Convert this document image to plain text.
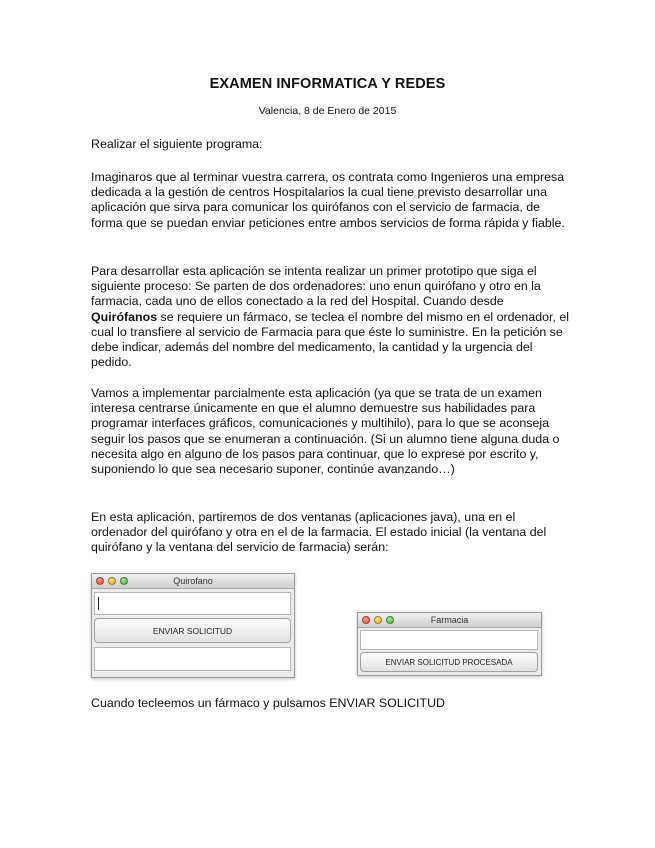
EXAMEN INFORMATICA Y REDES
Valencia, 8 de Enero de 2015

Realizar el siguiente programa:

Imaginaros que al terminar vuestra carrera, os contrata como Ingenieros una empresa dedicada a la gestión de centros Hospitalarios la cual tiene previsto desarrollar una aplicación que sirva para comunicar los quirófanos con el servicio de farmacia, de forma que se puedan enviar peticiones entre ambos servicios de forma rápida y fiable.

Para desarrollar esta aplicación se intenta realizar un primer prototipo que siga el siguiente proceso: Se parten de dos ordenadores: uno enun quirófano y otro en la farmacia, cada uno de ellos conectado a la red del Hospital. Cuando desde Quirófanos se requiere un fármaco, se teclea el nombre del mismo en el ordenador, el cual lo transfiere al servicio de Farmacia para que éste lo suministre. En la petición se debe indicar, además del nombre del medicamento, la cantidad y la urgencia del pedido.

Vamos a implementar parcialmente esta aplicación (ya que se trata de un examen interesa centrarse únicamente en que el alumno demuestre sus habilidades para programar interfaces gráficos, comunicaciones y multihilo), para lo que se aconseja seguir los pasos que se enumeran a continuación. (Si un alumno tiene alguna duda o necesita algo en alguno de los pasos para continuar, que lo exprese por escrito y, suponiendo lo que sea necesario suponer, continúe avanzando…)

En esta aplicación, partiremos de dos ventanas (aplicaciones java), una en el ordenador del quirófano y otra en el de la farmacia. El estado inicial (la ventana del quirófano y la ventana del servicio de farmacia) serán:

Quirofano
ENVIAR SOLICITUD
Farmacia
ENVIAR SOLICITUD PROCESADA

Cuando tecleemos un fármaco y pulsamos ENVIAR SOLICITUD
